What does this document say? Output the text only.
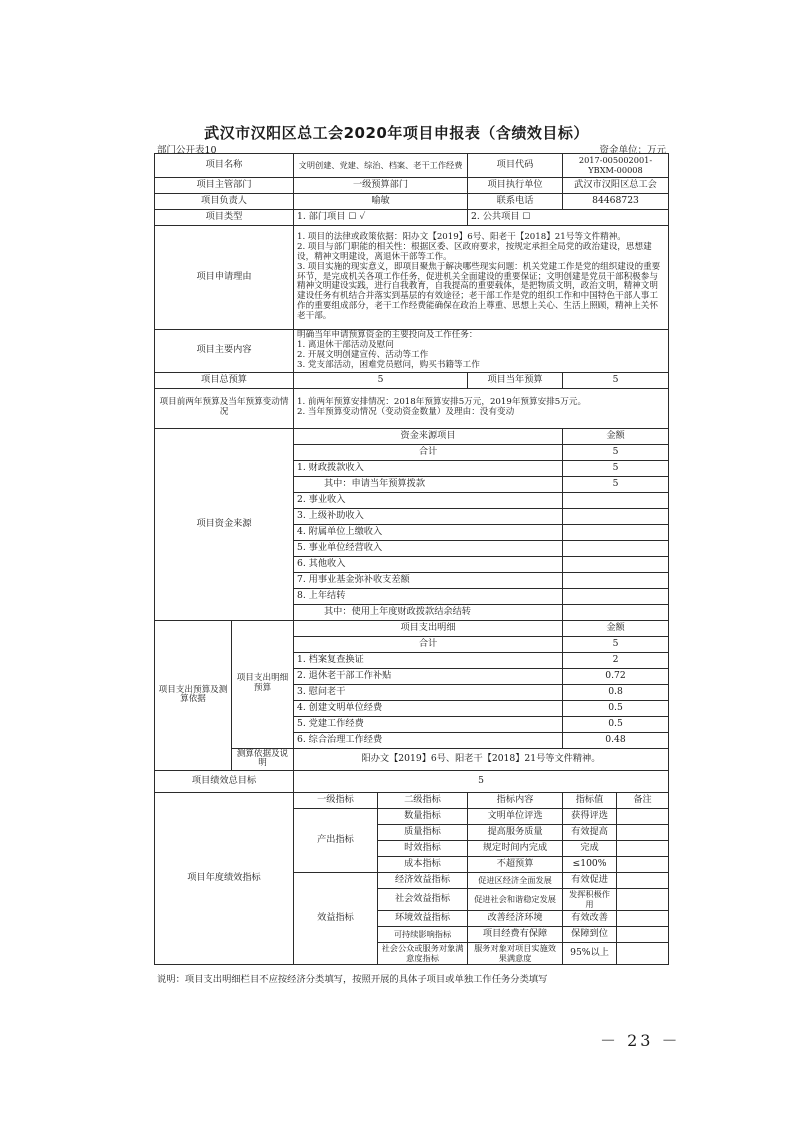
武汉市汉阳区总工会2020年项目申报表（含绩效目标）
部门公开表10	资金单位：万元
项目名称		文明创建、党建、综治、档案、老干工作经费		项目代码	2017-005002001-YBXM-00008	
项目主管部门		一级预算部门		项目执行单位	武汉市汉阳区总工会	
项目负责人		喻敏		联系电话	84468723	
项目类型		1. 部门项目 ☐ ✓		2. 公共项目 ☐		
项目申请理由		1. 项目的法律或政策依据：阳办文【2019】6号、阳老干【2018】21号等文件精神。
2. 项目与部门职能的相关性：根据区委、区政府要求，按规定承担全局党的政治建设，思想建设，精神文明建设，离退休干部等工作。
3. 项目实施的现实意义，即项目聚焦于解决哪些现实问题：机关党建工作是党的组织建设的重要环节，是完成机关各项工作任务，促进机关全面建设的重要保证；文明创建是党员干部积极参与精神文明建设实践，进行自我教育，自我提高的重要载体，是把物质文明，政治文明，精神文明建设任务有机结合并落实到基层的有效途径；老干部工作是党的组织工作和中国特色干部人事工作的重要组成部分，老干工作经费能确保在政治上尊重、思想上关心、生活上照顾，精神上关怀老干部。				

项目主要内容		明确当年申请预算资金的主要投向及工作任务：
1. 离退休干部活动及慰问
2. 开展文明创建宣传、活动等工作
3. 党支部活动，困难党员慰问，购买书籍等工作				

项目总预算		5		项目当年预算	5	
项目前两年预算及当年预算变动情况		1. 前两年预算安排情况：2018年预算安排5万元，2019年预算安排5万元。
2. 当年预算变动情况（变动资金数量）及理由：没有变动				

项目资金来源		资金来源项目			金额	
		合计			5	
		1. 财政拨款收入			5	
		其中：申请当年预算拨款			5	
		2. 事业收入				
		3. 上级补助收入				
		4. 附属单位上缴收入				
		5. 事业单位经营收入				
		6. 其他收入				
		7. 用事业基金弥补收支差额				
		8. 上年结转				
		其中：使用上年度财政拨款结余结转				
项目支出预算及测算依据	项目支出明细预算	项目支出明细			金额	
		合计			5	
		1. 档案复查换证			2	
		2. 退休老干部工作补贴			0.72	
		3. 慰问老干			0.8	
		4. 创建文明单位经费			0.5	
		5. 党建工作经费			0.5	
		6. 综合治理工作经费			0.48	
	测算依据及说明	阳办文【2019】6号、阳老干【2018】21号等文件精神。				
项目绩效总目标		5				
项目年度绩效指标		一级指标	二级指标	指标内容	指标值	备注
		产出指标	数量指标	文明单位评选	获得评选	
			质量指标	提高服务质量	有效提高	
			时效指标	规定时间内完成	完成	
			成本指标	不超预算	≤100%	
		效益指标	经济效益指标	促进区经济全面发展	有效促进	
			社会效益指标	促进社会和谐稳定发展	发挥积极作用	
			环境效益指标	改善经济环境	有效改善	
			可持续影响指标	项目经费有保障	保障到位	
			社会公众或服务对象满意度指标	服务对象对项目实施效果满意度	95%以上	
说明：项目支出明细栏目不应按经济分类填写，按照开展的具体子项目或单独工作任务分类填写
－ 23 －
